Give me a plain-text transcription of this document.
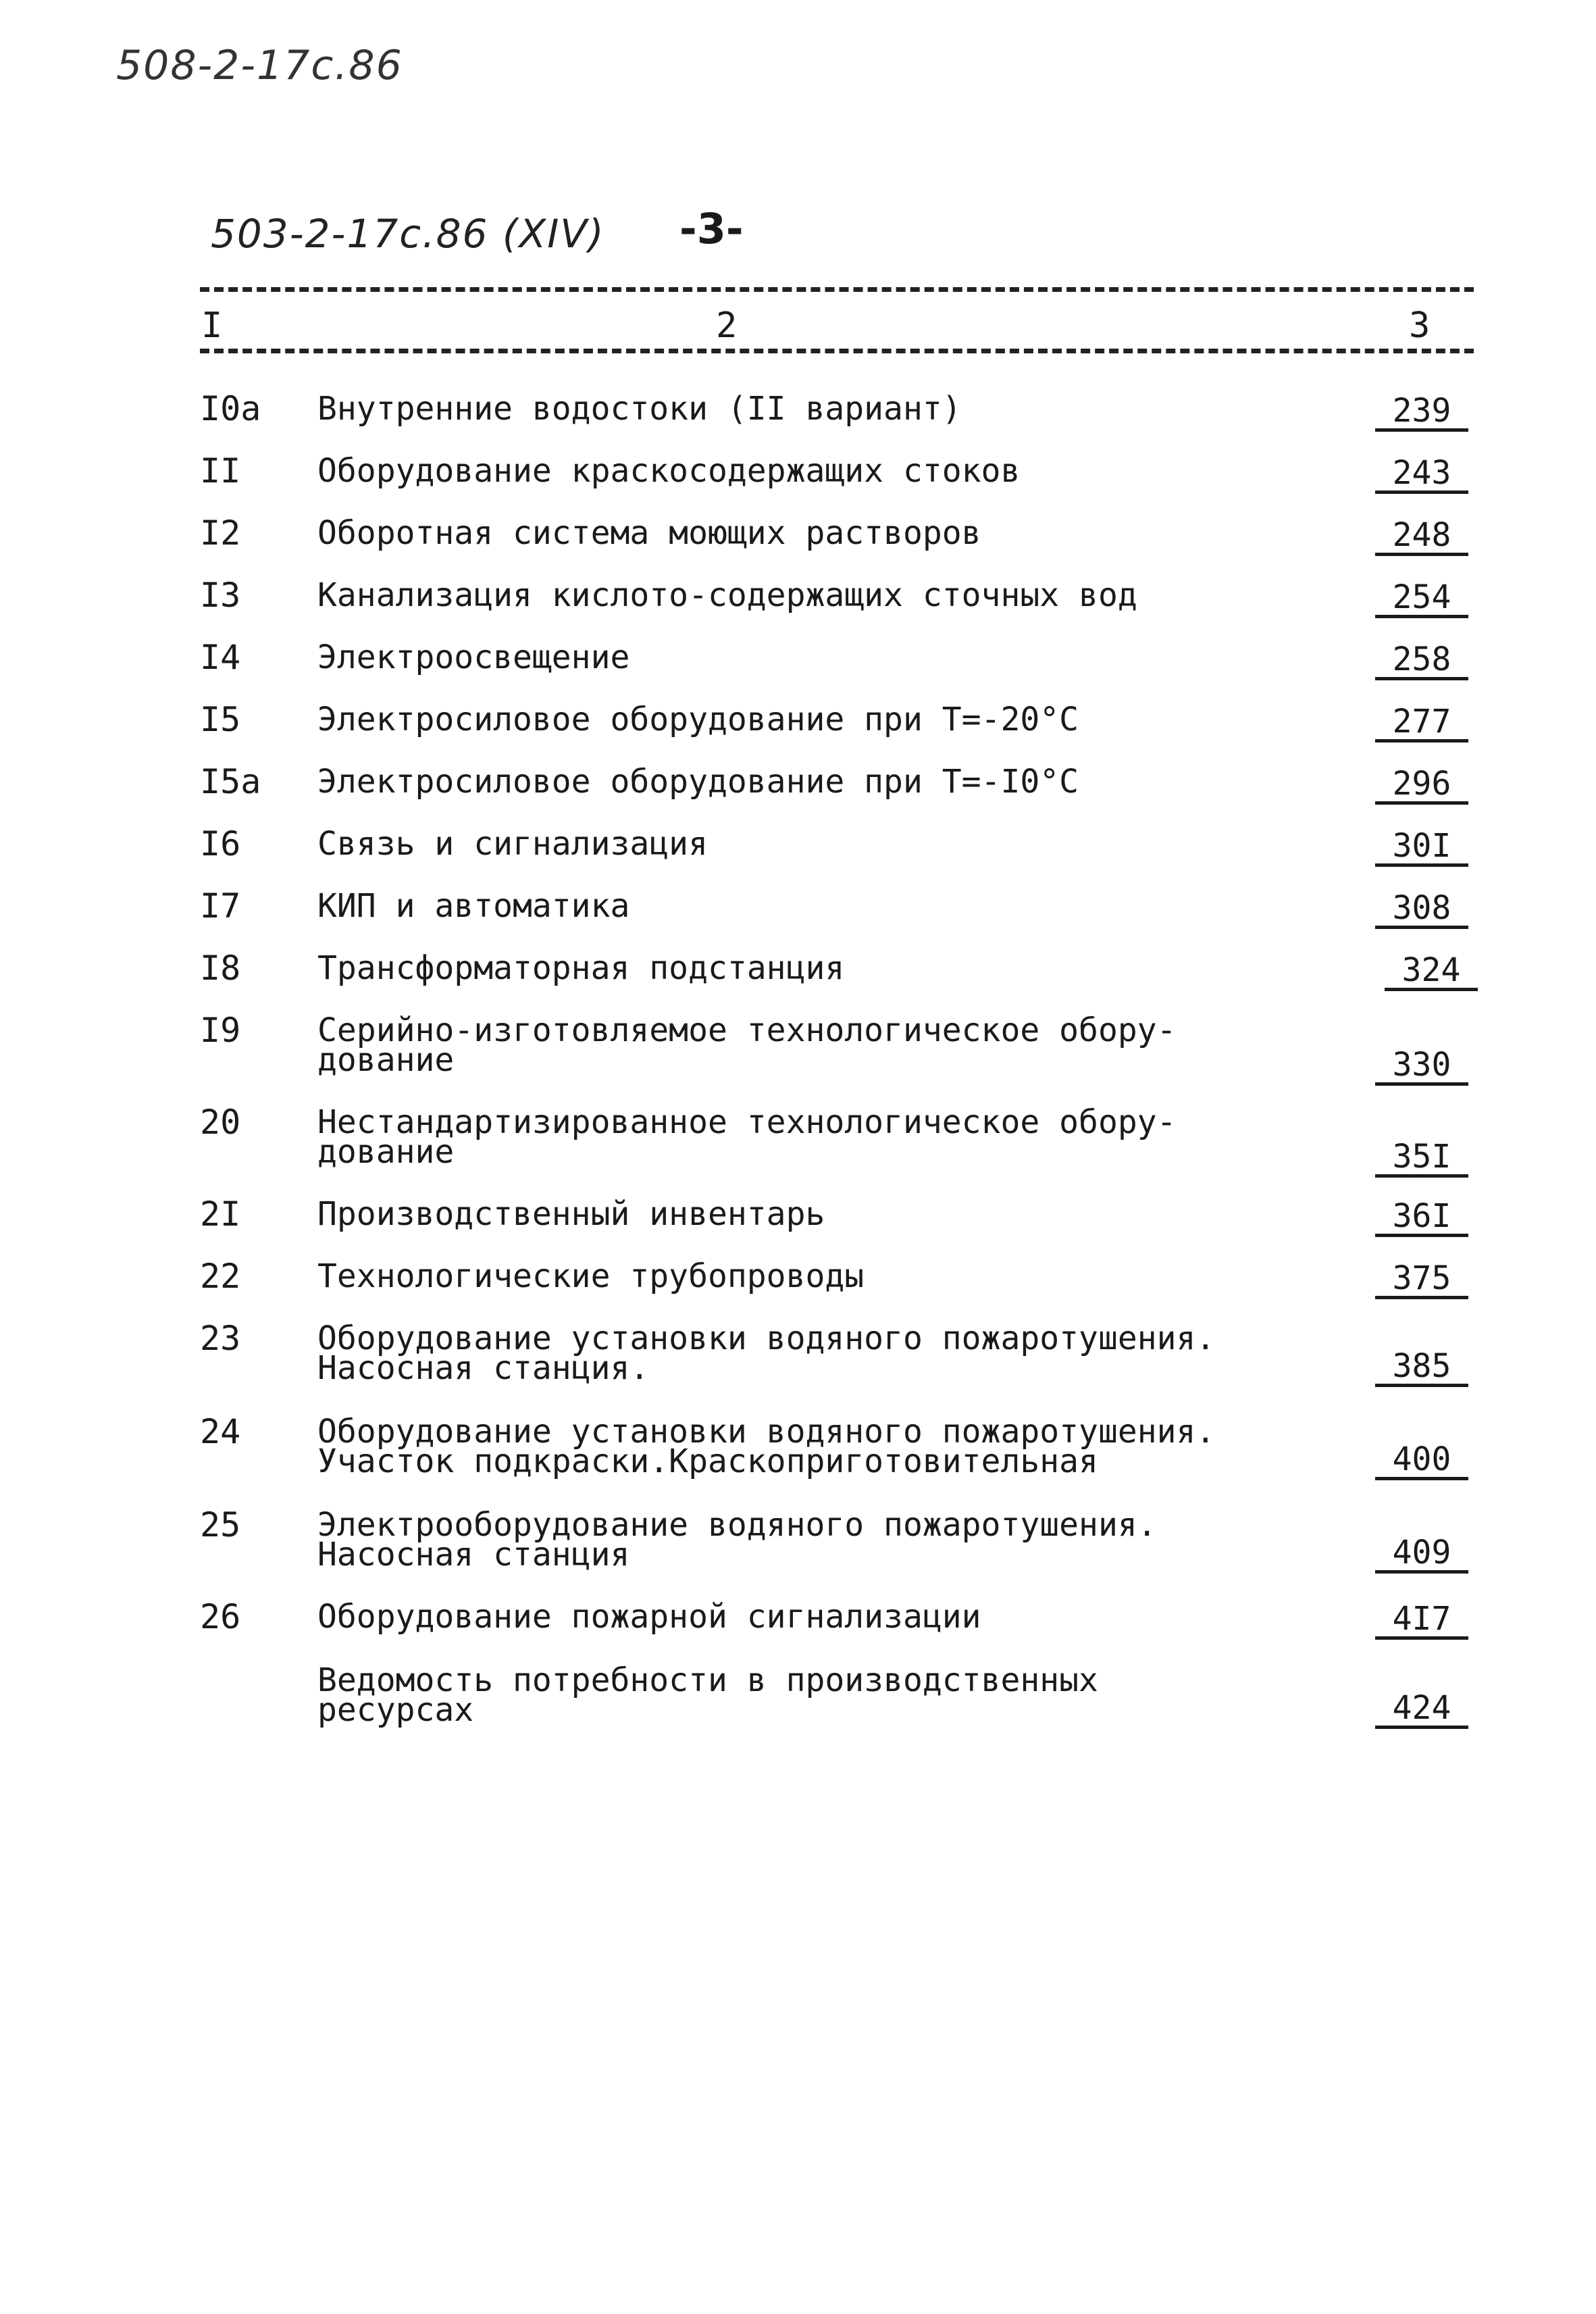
508-2-17с.86
503-2-17с.86 (XIV) -3-
I	2	3
I0а Внутренние водостоки (II вариант)	239
II Оборудование краскосодержащих стоков	243
I2 Оборотная система моющих растворов	248
I3 Канализация кислото-содержащих сточных вод	254
I4 Электроосвещение	258
I5 Электросиловое оборудование при Т=-20°С	277
I5а Электросиловое оборудование при Т=-I0°С	296
I6 Связь и сигнализация	30I
I7 КИП и автоматика	308
I8 Трансформаторная подстанция	324
I9 Серийно-изготовляемое технологическое обору-
дование	330
20 Нестандартизированное технологическое обору-
дование	35I
2I Производственный инвентарь	36I
22 Технологические трубопроводы	375
23 Оборудование установки водяного пожаротушения.
Насосная станция.	385
24 Оборудование установки водяного пожаротушения.
Участок подкраски.Краскоприготовительная	400
25 Электрооборудование водяного пожаротушения.
Насосная станция	409
26 Оборудование пожарной сигнализации	4I7
Ведомость потребности в производственных
ресурсах	424
